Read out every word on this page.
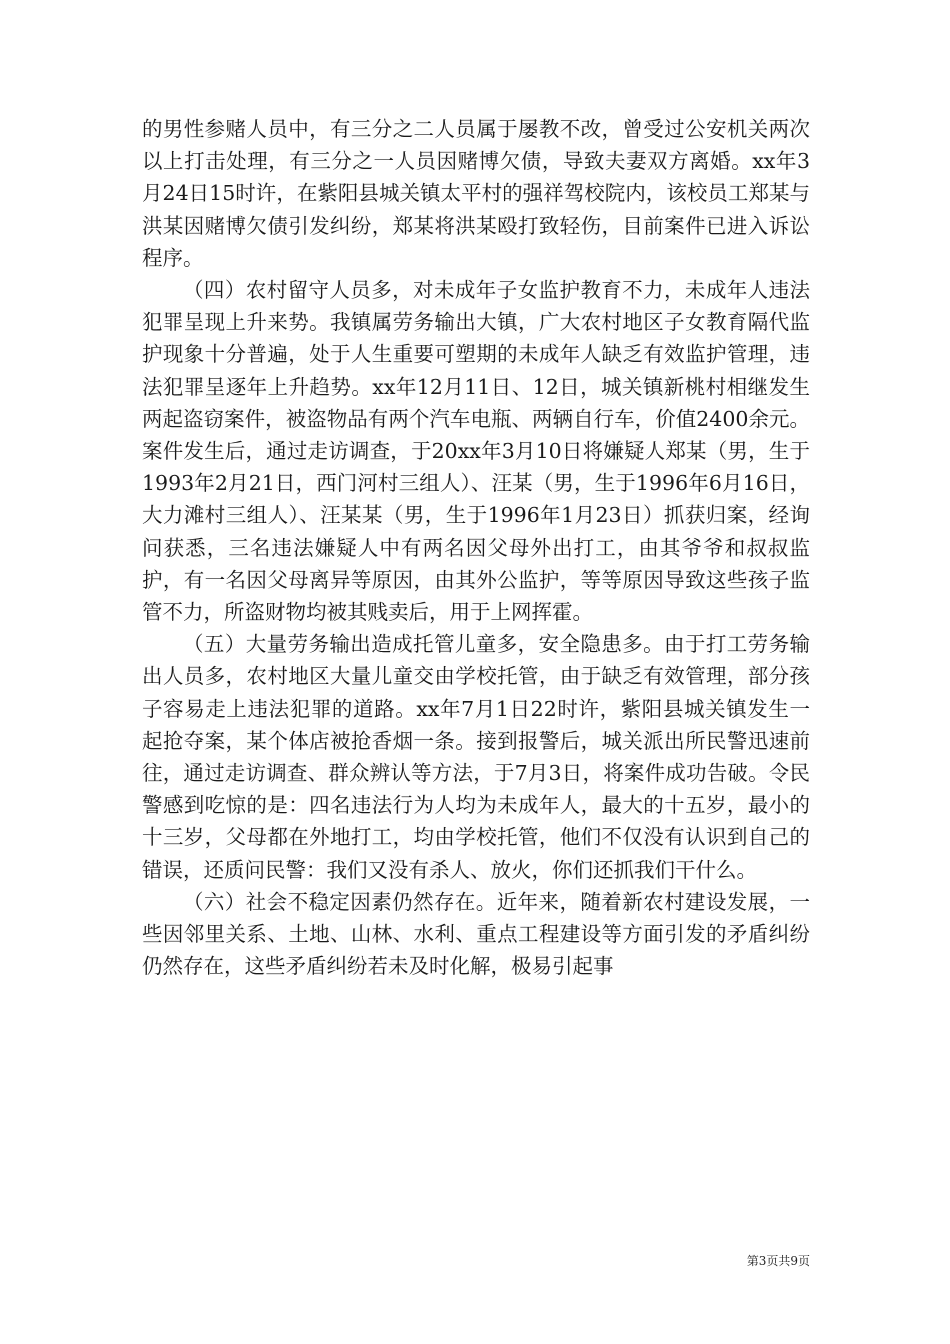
的男性参赌人员中，有三分之二人员属于屡教不改，曾受过公安机关两次以上打击处理，有三分之一人员因赌博欠债，导致夫妻双方离婚。xx年3月24日15时许，在紫阳县城关镇太平村的强祥驾校院内，该校员工郑某与洪某因赌博欠债引发纠纷，郑某将洪某殴打致轻伤，目前案件已进入诉讼程序。

（四）农村留守人员多，对未成年子女监护教育不力，未成年人违法犯罪呈现上升来势。我镇属劳务输出大镇，广大农村地区子女教育隔代监护现象十分普遍，处于人生重要可塑期的未成年人缺乏有效监护管理，违法犯罪呈逐年上升趋势。xx年12月11日、12日，城关镇新桃村相继发生两起盗窃案件，被盗物品有两个汽车电瓶、两辆自行车，价值2400余元。案件发生后，通过走访调查，于20xx年3月10日将嫌疑人郑某（男，生于1993年2月21日，西门河村三组人）、汪某（男，生于1996年6月16日，大力滩村三组人）、汪某某（男，生于1996年1月23日）抓获归案，经询问获悉，三名违法嫌疑人中有两名因父母外出打工，由其爷爷和叔叔监护，有一名因父母离异等原因，由其外公监护，等等原因导致这些孩子监管不力，所盗财物均被其贱卖后，用于上网挥霍。

（五）大量劳务输出造成托管儿童多，安全隐患多。由于打工劳务输出人员多，农村地区大量儿童交由学校托管，由于缺乏有效管理，部分孩子容易走上违法犯罪的道路。xx年7月1日22时许，紫阳县城关镇发生一起抢夺案，某个体店被抢香烟一条。接到报警后，城关派出所民警迅速前往，通过走访调查、群众辨认等方法，于7月3日，将案件成功告破。令民警感到吃惊的是：四名违法行为人均为未成年人，最大的十五岁，最小的十三岁，父母都在外地打工，均由学校托管，他们不仅没有认识到自己的错误，还质问民警：我们又没有杀人、放火，你们还抓我们干什么。

（六）社会不稳定因素仍然存在。近年来，随着新农村建设发展，一些因邻里关系、土地、山林、水利、重点工程建设等方面引发的矛盾纠纷仍然存在，这些矛盾纠纷若未及时化解，极易引起事

第3页共9页
